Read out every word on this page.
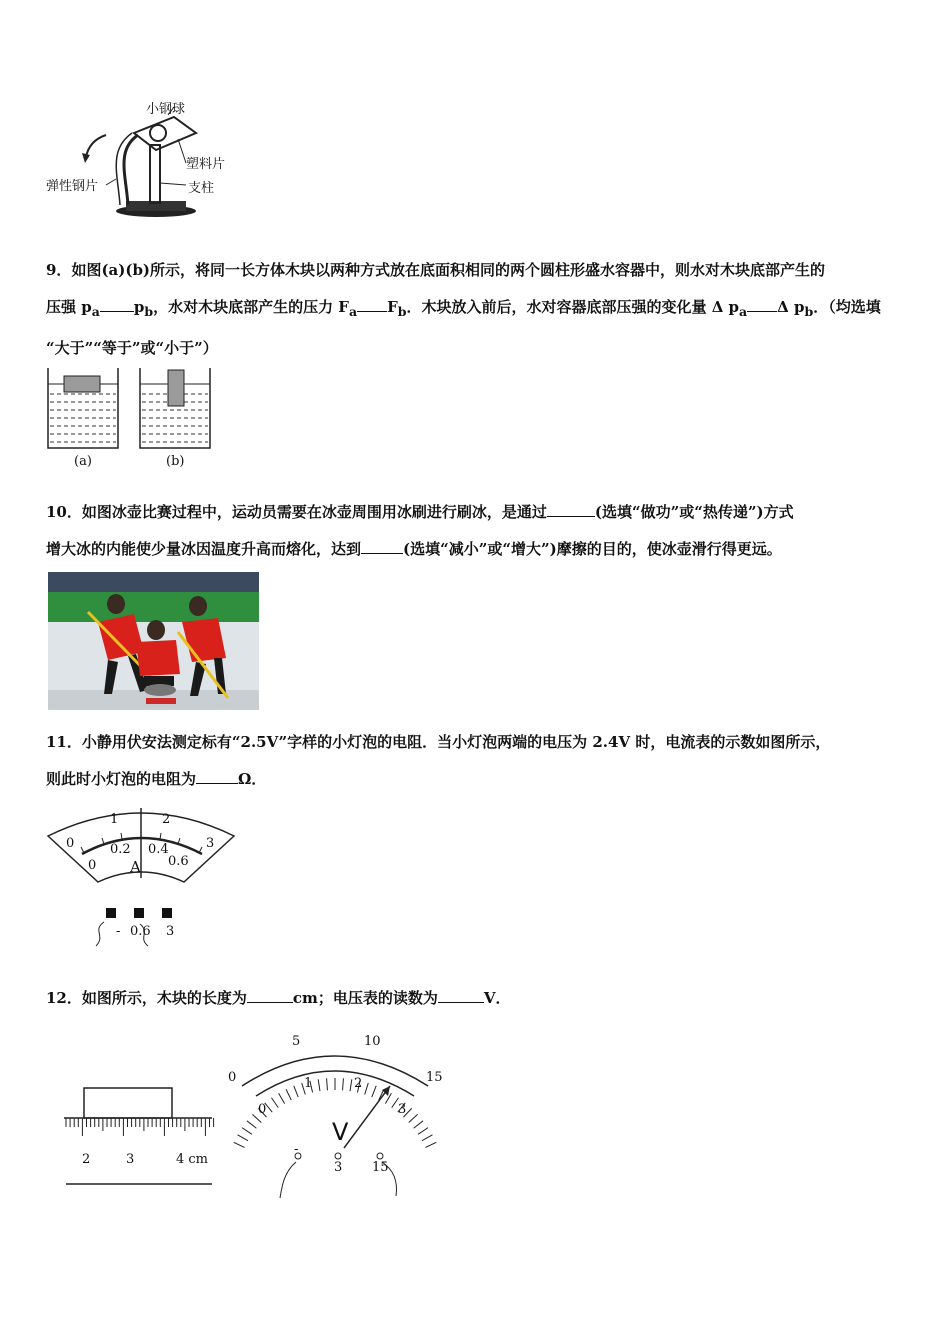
小钢球
塑料片
支柱
弹性钢片
9．如图(a)(b)所示，将同一长方体木块以两种方式放在底面积相同的两个圆柱形盛水容器中，则水对木块底部产生的
压强 $p_a$ $p_b$，水对木块底部产生的压力 $F_a$ $F_b$．木块放入前后，水对容器底部压强的变化量 Δ $p_a$ Δ $p_b$．（均选填
“大于”“等于”或“小于”）
(a)	(b)
10．如图冰壶比赛过程中，运动员需要在冰壶周围用冰刷进行刷冰，是通过	(选填“做功”或“热传递”)方式
增大冰的内能使少量冰因温度升高而熔化，达到	(选填“减小”或“增大”)摩擦的目的，使冰壶滑行得更远。
11．小静用伏安法测定标有“2.5V”字样的小灯泡的电阻．当小灯泡两端的电压为 2.4V 时，电流表的示数如图所示，
则此时小灯泡的电阻为	Ω．
0
1	2
3
0
0.2 0.4
0.6
A
- 0.6 3
12．如图所示，木块的长度为	cm；电压表的读数为	V．
2	3	4 cm
0
5	10
15
0
1	2
3
V
-
3 15
